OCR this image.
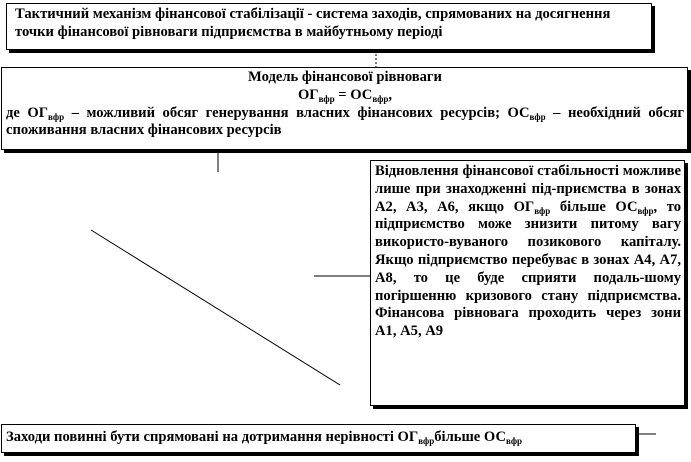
Тактичний механізм фінансової стабілізації - система заходів, спрямованих на досягнення точки фінансової рівноваги підприємства в майбутньому періоді
Модель фінансової рівноваги
$ОГ_{вфр} = ОС_{вфр}$,
де $ОГ_{вфр}$ – можливий обсяг генерування власних фінансових ресурсів; $ОС_{вфр}$ – необхідний обсяг споживання власних фінансових ресурсів
Відновлення фінансової стабільності можливе лише при знаходженні під-приємства в зонах А2, А3, А6, якщо $ОГ_{вфр}$ більше $ОС_{вфр}$, то підприємство може знизити питому вагу використо-вуваного позикового капіталу. Якщо підприємство перебуває в зонах А4, А7, А8, то це буде сприяти подаль-шому погіршенню кризового стану підприємства. Фінансова рівновага проходить через зони А1, А5, А9
Заходи повинні бути спрямовані на дотримання нерівності $ОГ_{вфр}більше$ $ОС_{вфр}$
